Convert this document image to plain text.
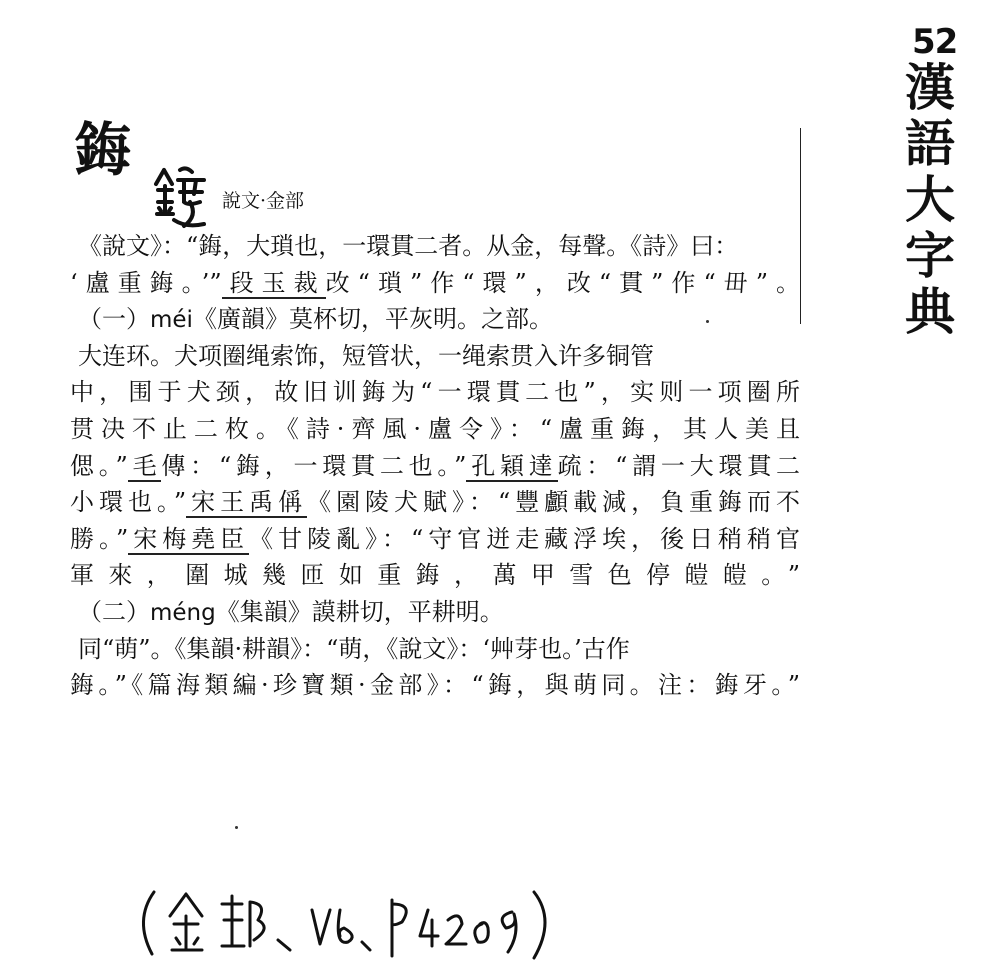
52
漢
語
大
字
典
鋂
說文·金部
《說文》：“鋂，大瑣也，一環貫二者。从金，每聲。《詩》曰：
‘盧重鋂。’”段玉裁改“瑣”作“環”，改“貫”作“毌”。
（一）méi《廣韻》莫杯切，平灰明。之部。
大连环。犬项圈绳索饰，短管状，一绳索贯入许多铜管
中，围于犬颈，故旧训鋂为“一環貫二也”，实则一项圈所
贯决不止二枚。《詩·齊風·盧令》：“盧重鋂，其人美且
偲。”毛傳：“鋂，一環貫二也。”孔穎達疏：“謂一大環貫二
小環也。”宋王禹偁《園陵犬賦》：“豐顱載減，負重鋂而不
勝。”宋梅堯臣《甘陵亂》：“守官迸走藏浮埃，後日稍稍官
軍來，圍城幾匝如重鋂，萬甲雪色停皚皚。”
（二）méng《集韻》謨耕切，平耕明。
同“萌”。《集韻·耕韻》：“萌，《說文》：‘艸芽也。’古作
鋂。”《篇海類編·珍寶類·金部》：“鋂，與萌同。注：鋂牙。”
